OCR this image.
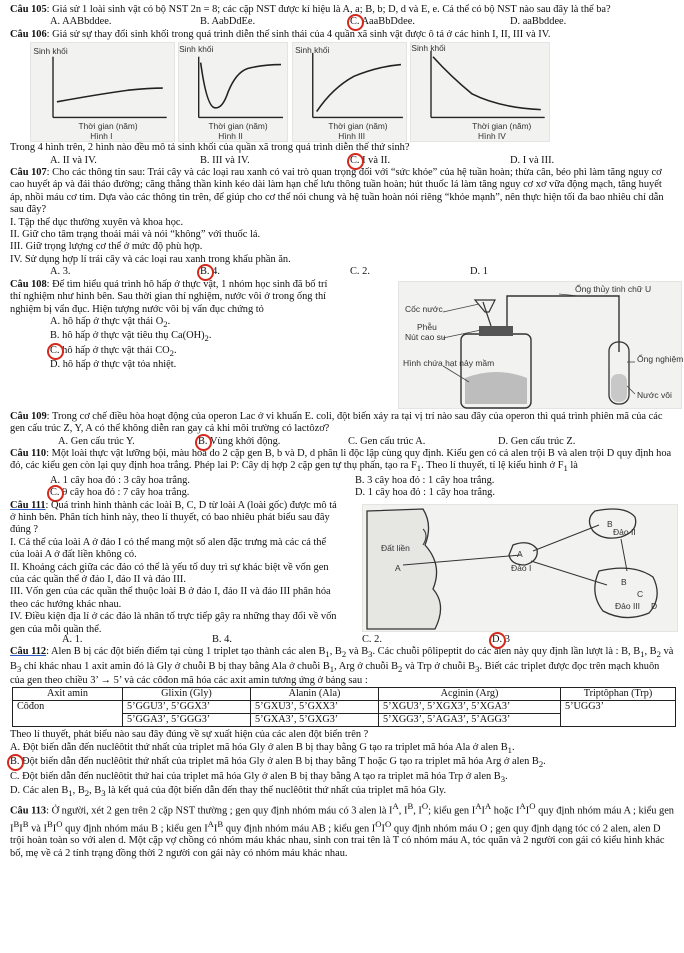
Câu 105: Giả sử 1 loài sinh vật có bộ NST 2n = 8; các cặp NST được kí hiệu là A, a; B, b; D, d và E, e. Cá thể có bộ NST nào sau đây là thể ba?
A. AABbddee.	B. AabDdEe.	C. AaaBbDdee.	D. aaBbddee.
Câu 106: Giả sử sự thay đổi sinh khối trong quá trình diễn thế sinh thái của 4 quần xã sinh vật được ô tả ở các hình I, II, III và IV.
Sinh khối
Thời gian (năm)
Hình I
Sinh khối
Thời gian (năm)
Hình II
Sinh khối
Thời gian (năm)
Hình III
Sinh khối
Thời gian (năm)
Hình IV
Trong 4 hình trên, 2 hình nào đều mô tả sinh khối của quần xã trong quá trình diễn thế thứ sinh?
A. II và IV.	B. III và IV.	C. I và II.	D. I và III.
Câu 107: Cho các thông tin sau: Trái cây và các loại rau xanh có vai trò quan trọng đối với “sức khỏe” của hệ tuần hoàn; thừa cân, béo phì làm tăng nguy cơ cao huyết áp và đái tháo đường; căng thẳng thần kinh kéo dài làm hạn chế lưu thông tuần hoàn; hút thuốc lá làm tăng nguy cơ xơ vữa động mạch, tăng huyết áp, nhồi máu cơ tim. Dựa vào các thông tin trên, để giúp cho cơ thể nói chung và hệ tuần hoàn nói riêng “khỏe mạnh”, nên thực hiện tối đa bao nhiêu chỉ dẫn sau đây?
I. Tập thể dục thường xuyên và khoa học.
II. Giữ cho tâm trạng thoải mái và nói “không” với thuốc lá.
III. Giữ trọng lượng cơ thể ở mức độ phù hợp.
IV. Sử dụng hợp lí trái cây và các loại rau xanh trong khẩu phần ăn.
A. 3.	B. 4.	C. 2.	D. 1
Câu 108: Để tìm hiểu quá trình hô hấp ở thực vật, 1 nhóm học sinh đã bố trí thí nghiệm như hình bên. Sau thời gian thí nghiệm, nước vôi ở trong ống thí nghiệm bị vẩn đục. Hiện tượng nước vôi bị vẩn đục chứng tỏ
A. hô hấp ở thực vật thải $O_2$.
B. hô hấp ở thực vật tiêu thụ $Ca(OH)_2$.
C. hô hấp ở thực vật thải $CO_2$.
D. hô hấp ở thực vật tỏa nhiệt.
Cốc nước
Phễu
Nút cao su
Hình chứa hạt nảy mầm
Ống thủy tinh chữ U
Ống nghiệm
Nước vôi
Câu 109: Trong cơ chế điều hòa hoạt động của operon Lac ở vi khuẩn E. coli, đột biến xảy ra tại vị trí nào sau đây của operon thì quá trình phiên mã của các gen cấu trúc Z, Y, A có thể không diễn ran gay cả khi môi trường có lactôzơ?
A. Gen cấu trúc Y.	B. Vùng khởi động.	C. Gen cấu trúc A.	D. Gen cấu trúc Z.
Câu 110: Một loài thực vật lưỡng bội, màu hoa do 2 cặp gen B, b và D, d phân li độc lập cùng quy định. Kiểu gen có cả alen trội B và alen trội D quy định hoa đỏ, các kiểu gen còn lại quy định hoa trắng. Phép lai P: Cây dị hợp 2 cặp gen tự thụ phấn, tạo ra $F_1$. Theo lí thuyết, tỉ lệ kiểu hình ở $F_1$ là
A. 1 cây hoa đỏ : 3 cây hoa trắng.	B. 3 cây hoa đỏ : 1 cây hoa trắng.
C. 9 cây hoa đỏ : 7 cây hoa trắng.	D. 1 cây hoa đỏ : 1 cây hoa trắng.
Câu 111: Quá trình hình thành các loài B, C, D từ loài A (loài gốc) được mô tả ở hình bên. Phân tích hình này, theo lí thuyết, có bao nhiêu phát biểu sau đây đúng ?
I. Cá thể của loài A ở đảo I có thể mang một số alen đặc trưng mà các cá thể của loài A ở đất liền không có.
II. Khoảng cách giữa các đảo có thể là yếu tố duy trì sự khác biệt về vốn gen của các quần thể ở đảo I, đảo II và đảo III.
III. Vốn gen của các quần thể thuộc loài B ở đảo I, đảo II và đảo III phân hóa theo các hướng khác nhau.
IV. Điều kiện địa lí ở các đảo là nhân tố trực tiếp gây ra những thay đổi về vốn gen của mỗi quần thể.
Đất liền
A	Đảo I
A
B
Đảo II
B
C
Đảo III D
A. 1.	B. 4.	C. 2.	D. 3
Câu 112: Alen B bị các đột biến điểm tại cùng 1 triplet tạo thành các alen $B_1$, $B_2$ và $B_3$. Các chuỗi pôlipeptit do các alen này quy định lần lượt là : B, $B_1$, $B_2$ và $B_3$ chỉ khác nhau 1 axit amin đó là Gly ở chuỗi B bị thay bằng Ala ở chuỗi $B_1$, Arg ở chuỗi $B_2$ và Trp ở chuỗi $B_3$. Biết các triplet được đọc trên mạch khuôn của gen theo chiều 3’ → 5’ và các côđon mã hóa các axit amin tương ứng ở bảng sau :
Axit amin	Glixin (Gly)	Alanin (Ala)	Acginin (Arg)	Triptôphan (Trp)
Côđon	5’GGU3’, 5’GGX3’	5’GXU3’, 5’GXX3’	5’XGU3’, 5’XGX3’, 5’XGA3’	5’UGG3’
	5’GGA3’, 5’GGG3’	5’GXA3’, 5’GXG3’	5’XGG3’, 5’AGA3’, 5’AGG3’	
Theo lí thuyết, phát biểu nào sau đây đúng về sự xuất hiện của các alen đột biến trên ?
A. Đột biến dẫn đến nuclêôtit thứ nhất của triplet mã hóa Gly ở alen B bị thay bằng G tạo ra triplet mã hóa Ala ở alen $B_1$.
B. Đột biến dẫn đến nuclêôtit thứ nhất của triplet mã hóa Gly ở alen B bị thay bằng T hoặc G tạo ra triplet mã hóa Arg ở alen $B_2$.
C. Đột biến dẫn đến nuclêôtit thứ hai của triplet mã hóa Gly ở alen B bị thay bằng A tạo ra triplet mã hóa Trp ở alen $B_3$.
D. Các alen $B_1$, $B_2$, $B_3$ là kết quả của đột biến dẫn đến thay thế nuclêôtit thứ nhất của triplet mã hóa Gly.
Câu 113: Ở người, xét 2 gen trên 2 cặp NST thường ; gen quy định nhóm máu có 3 alen là $I^A$, $I^B$, $I^O$; kiểu gen $I^AI^A$ hoặc $I^AI^O$ quy định nhóm máu A ; kiểu gen $I^BI^B$ và $I^BI^O$ quy định nhóm máu B ; kiểu gen $I^AI^B$ quy định nhóm máu AB ; kiểu gen $I^OI^O$ quy định nhóm máu O ; gen quy định dạng tóc có 2 alen, alen D trội hoàn toàn so với alen d. Một cặp vợ chồng có nhóm máu khác nhau, sinh con trai tên là T có nhóm máu A, tóc quăn và 2 người con gái có kiểu hình khác bố, mẹ về cả 2 tính trạng đồng thời 2 người con gái này có nhóm máu khác nhau.
